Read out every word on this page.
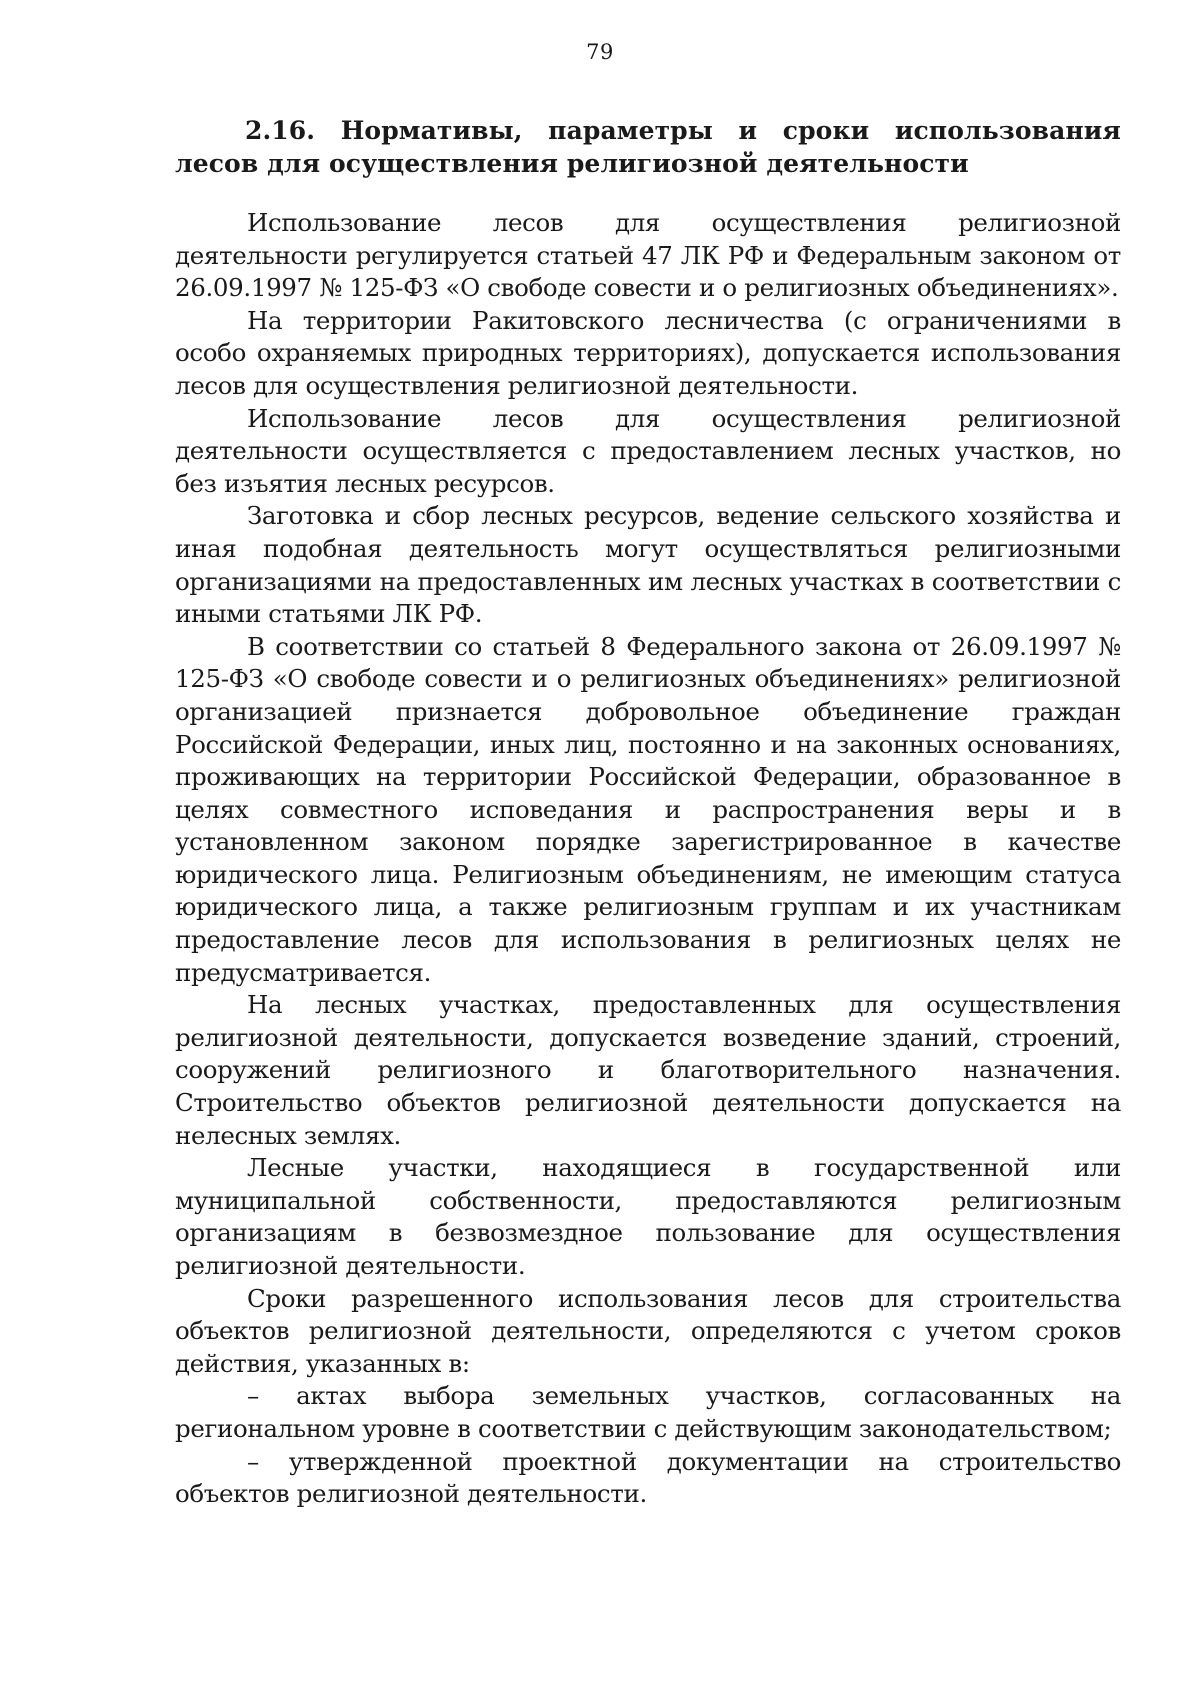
79

2.16. Нормативы, параметры и сроки использования лесов для осуществления религиозной деятельности

Использование лесов для осуществления религиозной деятельности регулируется статьей 47 ЛК РФ и Федеральным законом от 26.09.1997 № 125-ФЗ «О свободе совести и о религиозных объединениях».

На территории Ракитовского лесничества (с ограничениями в особо охраняемых природных территориях), допускается использования лесов для осуществления религиозной деятельности.

Использование лесов для осуществления религиозной деятельности осуществляется с предоставлением лесных участков, но без изъятия лесных ресурсов.

Заготовка и сбор лесных ресурсов, ведение сельского хозяйства и иная подобная деятельность могут осуществляться религиозными организациями на предоставленных им лесных участках в соответствии с иными статьями ЛК РФ.

В соответствии со статьей 8 Федерального закона от 26.09.1997 № 125-ФЗ «О свободе совести и о религиозных объединениях» религиозной организацией признается добровольное объединение граждан Российской Федерации, иных лиц, постоянно и на законных основаниях, проживающих на территории Российской Федерации, образованное в целях совместного исповедания и распространения веры и в установленном законом порядке зарегистрированное в качестве юридического лица. Религиозным объединениям, не имеющим статуса юридического лица, а также религиозным группам и их участникам предоставление лесов для использования в религиозных целях не предусматривается.

На лесных участках, предоставленных для осуществления религиозной деятельности, допускается возведение зданий, строений, сооружений религиозного и благотворительного назначения. Строительство объектов религиозной деятельности допускается на нелесных землях.

Лесные участки, находящиеся в государственной или муниципальной собственности, предоставляются религиозным организациям в безвозмездное пользование для осуществления религиозной деятельности.

Сроки разрешенного использования лесов для строительства объектов религиозной деятельности, определяются с учетом сроков действия, указанных в:

– актах выбора земельных участков, согласованных на региональном уровне в соответствии с действующим законодательством;

– утвержденной проектной документации на строительство объектов религиозной деятельности.
